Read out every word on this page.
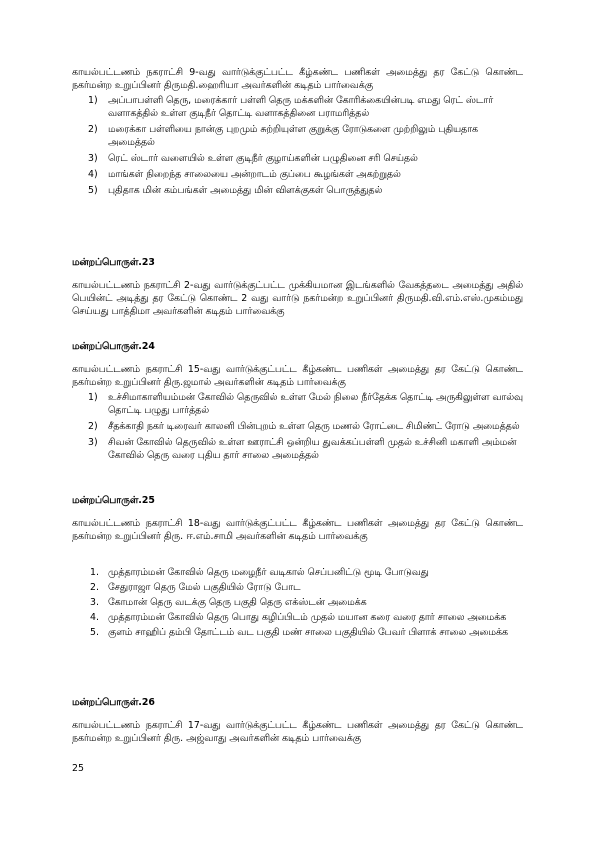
காயல்பட்டணம் நகராட்சி 9-வது வார்டுக்குட்பட்ட கீழ்கண்ட பணிகள் அமைத்து தர கேட்டு கொண்ட நகர்மன்ற உறுப்பினர் திருமதி.ஹைரியா அவர்களின் கடிதம் பார்வைக்கு
1)	அப்பாபள்ளி தெரு, மரைக்கார் பள்ளி தெரு மக்களின் கோரிக்கையின்படி எமது ரெட் ஸ்டார் வளாகத்தில் உள்ள குடிநீர் தொட்டி வளாகத்தினை பராமரித்தல்
2)	மரைக்கா பள்ளியை நான்கு புறமும் சுற்றியுள்ள குறுக்கு ரோடுகளை முற்றிலும் புதியதாக அமைத்தல்
3)	ரெட் ஸ்டார் வளையில் உள்ள குடிநீர் குழாய்களின் பழுதினை சரி செய்தல்
4)	மாங்கள் நிறைந்த சாலையை அன்றாடம் குப்பை கூழங்கள் அகற்றுதல்
5)	புதிதாக மின் கம்பங்கள் அமைத்து மின் விளக்குகள் பொருத்துதல்
மன்றப்பொருள்.23
காயல்பட்டணம் நகராட்சி 2-வது வார்டுக்குட்பட்ட முக்கியமான இடங்களில் வேகத்தடை அமைத்து அதில் பெயின்ட் அடித்து தர கேட்டு கொண்ட 2 வது வார்டு நகர்மன்ற உறுப்பினர் திருமதி.வி.எம்.எஸ்.முகம்மது செய்யது பாத்திமா அவர்களின் கடிதம் பார்வைக்கு
மன்றப்பொருள்.24
காயல்பட்டணம் நகராட்சி 15-வது வார்டுக்குட்பட்ட கீழ்கண்ட பணிகள் அமைத்து தர கேட்டு கொண்ட நகர்மன்ற உறுப்பினர் திரு.ஜமால் அவர்களின் கடிதம் பார்வைக்கு
1)	உச்சிமாகாளியம்மன் கோவில் தெருவில் உள்ள மேல் நிலை நீர்தேக்க தொட்டி அருகிலுள்ள வால்வு தொட்டி பழுது பார்த்தல்
2)	சீதக்காதி நகர் டிரைவர் காலனி பின்புறம் உள்ள தெரு மணல் ரோட்டை சிமிண்ட் ரோடு அமைத்தல்
3)	சிவன் கோவில் தெருவில் உள்ள ஊராட்சி ஒன்றிய துவக்கப்பள்ளி முதல் உச்சினி மகாளி அம்மன் கோவில் தெரு வரை புதிய தார் சாலை அமைத்தல்
மன்றப்பொருள்.25
காயல்பட்டணம் நகராட்சி 18-வது வார்டுக்குட்பட்ட கீழ்கண்ட பணிகள் அமைத்து தர கேட்டு கொண்ட நகர்மன்ற உறுப்பினர் திரு. ஈ.எம்.சாமி அவர்களின் கடிதம் பார்வைக்கு
1. முத்தாரம்மன் கோவில் தெரு மழைநீர் வடிகால் செப்பனிட்டு மூடி போடுவது
2. சேதுராஜா தெரு மேல் பகுதியில் ரோடு போட
3. கோமான் தெரு வடக்கு தெரு பகுதி தெரு எக்ஸ்டன் அமைக்க
4. முத்தாரம்மன் கோவில் தெரு பொது கழிப்பிடம் முதல் மயான கரை வரை தார் சாலை அமைக்க
5. குளம் சாஹிப் தம்பி தோட்டம் வட பகுதி மண் சாலை பகுதியில் பேவர் பிளாக் சாலை அமைக்க
மன்றப்பொருள்.26
காயல்பட்டணம் நகராட்சி 17-வது வார்டுக்குட்பட்ட கீழ்கண்ட பணிகள் அமைத்து தர கேட்டு கொண்ட நகர்மன்ற உறுப்பினர் திரு. அஜ்வாது அவர்களின் கடிதம் பார்வைக்கு
25
